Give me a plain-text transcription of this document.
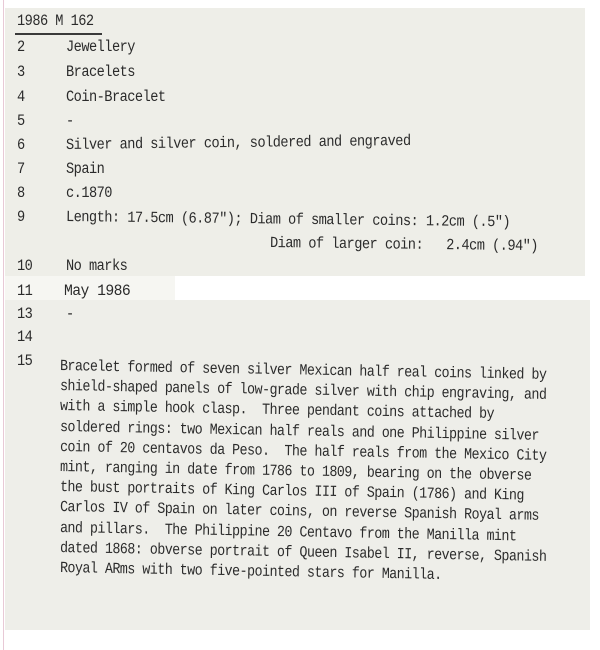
1986 M 162
2	Jewellery
3	Bracelets
4	Coin-Bracelet
5	-
6	Silver and silver coin, soldered and engraved
7	Spain
8	c.1870
9	Length: 17.5cm (6.87"); Diam of smaller coins: 1.2cm (.5")
Diam of larger coin:   2.4cm (.94")
10 No marks
11 May 1986
13 -
14
15 Bracelet formed of seven silver Mexican half real coins linked by
shield-shaped panels of low-grade silver with chip engraving, and
with a simple hook clasp.  Three pendant coins attached by
soldered rings: two Mexican half reals and one Philippine silver
coin of 20 centavos da Peso.  The half reals from the Mexico City
mint, ranging in date from 1786 to 1809, bearing on the obverse
the bust portraits of King Carlos III of Spain (1786) and King
Carlos IV of Spain on later coins, on reverse Spanish Royal arms
and pillars.  The Philippine 20 Centavo from the Manilla mint
dated 1868: obverse portrait of Queen Isabel II, reverse, Spanish
Royal ARms with two five-pointed stars for Manilla.
